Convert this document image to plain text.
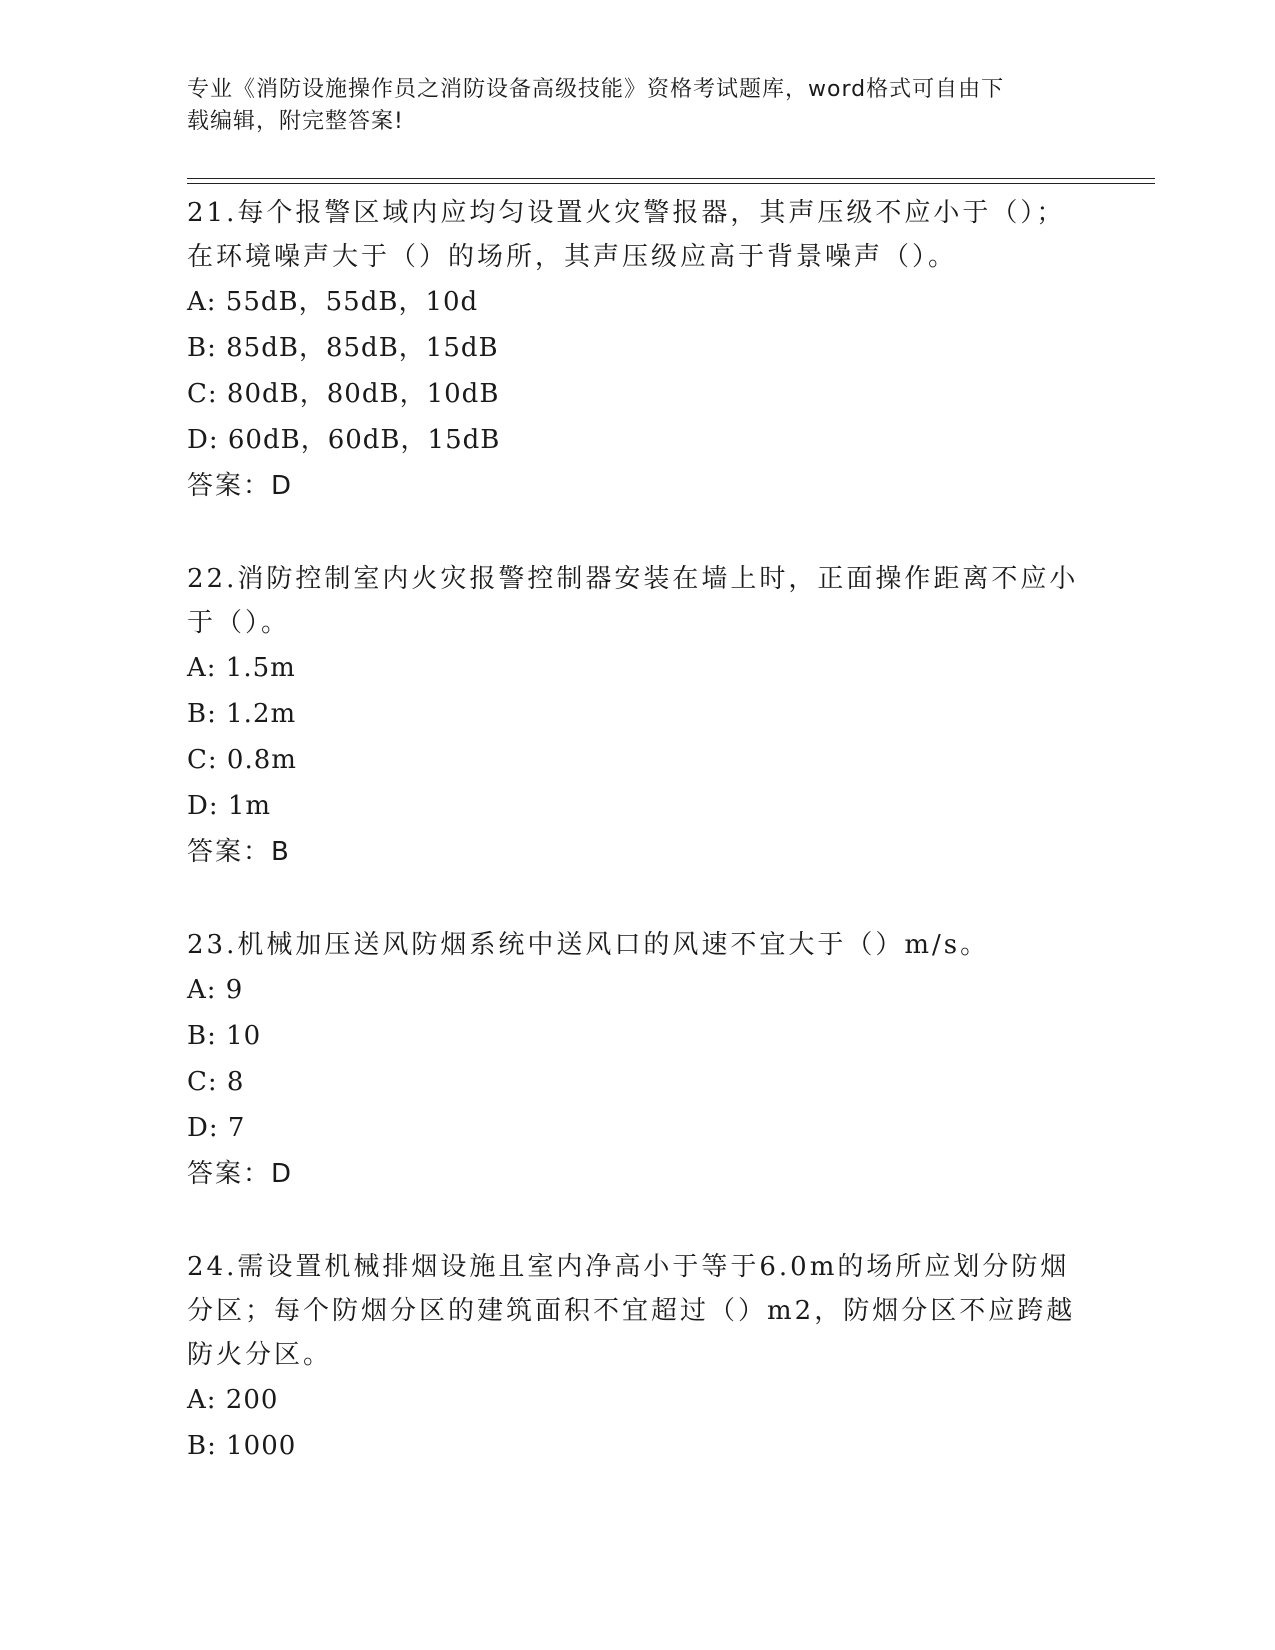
专业《消防设施操作员之消防设备高级技能》资格考试题库，word格式可自由下
载编辑，附完整答案!

21.每个报警区域内应均匀设置火灾警报器，其声压级不应小于（）；

在环境噪声大于（）的场所，其声压级应高于背景噪声（）。

A: 55dB，55dB，10d

B: 85dB，85dB，15dB

C: 80dB，80dB，10dB

D: 60dB，60dB，15dB

答案：D

22.消防控制室内火灾报警控制器安装在墙上时，正面操作距离不应小

于（）。

A: 1.5m

B: 1.2m

C: 0.8m

D: 1m

答案：B

23.机械加压送风防烟系统中送风口的风速不宜大于（）m/s。

A: 9

B: 10

C: 8

D: 7

答案：D

24.需设置机械排烟设施且室内净高小于等于6.0m的场所应划分防烟

分区；每个防烟分区的建筑面积不宜超过（）m2，防烟分区不应跨越

防火分区。

A: 200

B: 1000
